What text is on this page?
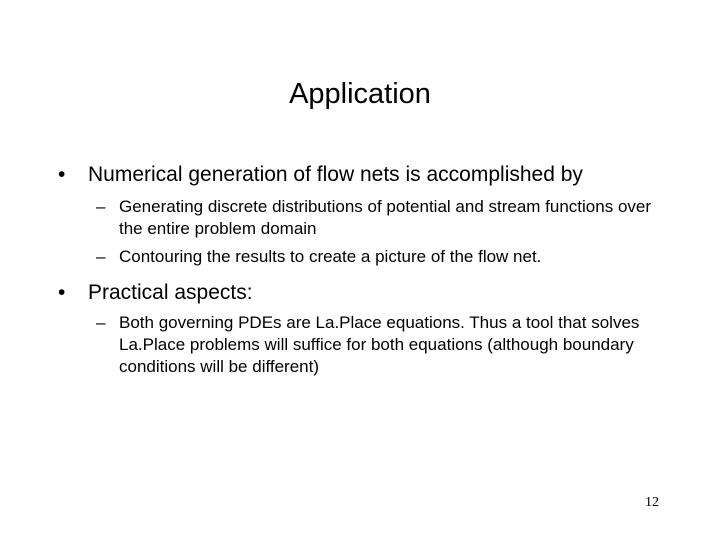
Application
• Numerical generation of flow nets is accomplished by
– Generating discrete distributions of potential and stream functions over the entire problem domain
– Contouring the results to create a picture of the flow net.
• Practical aspects:
– Both governing PDEs are La.Place equations. Thus a tool that solves La.Place problems will suffice for both equations (although boundary conditions will be different)
12
